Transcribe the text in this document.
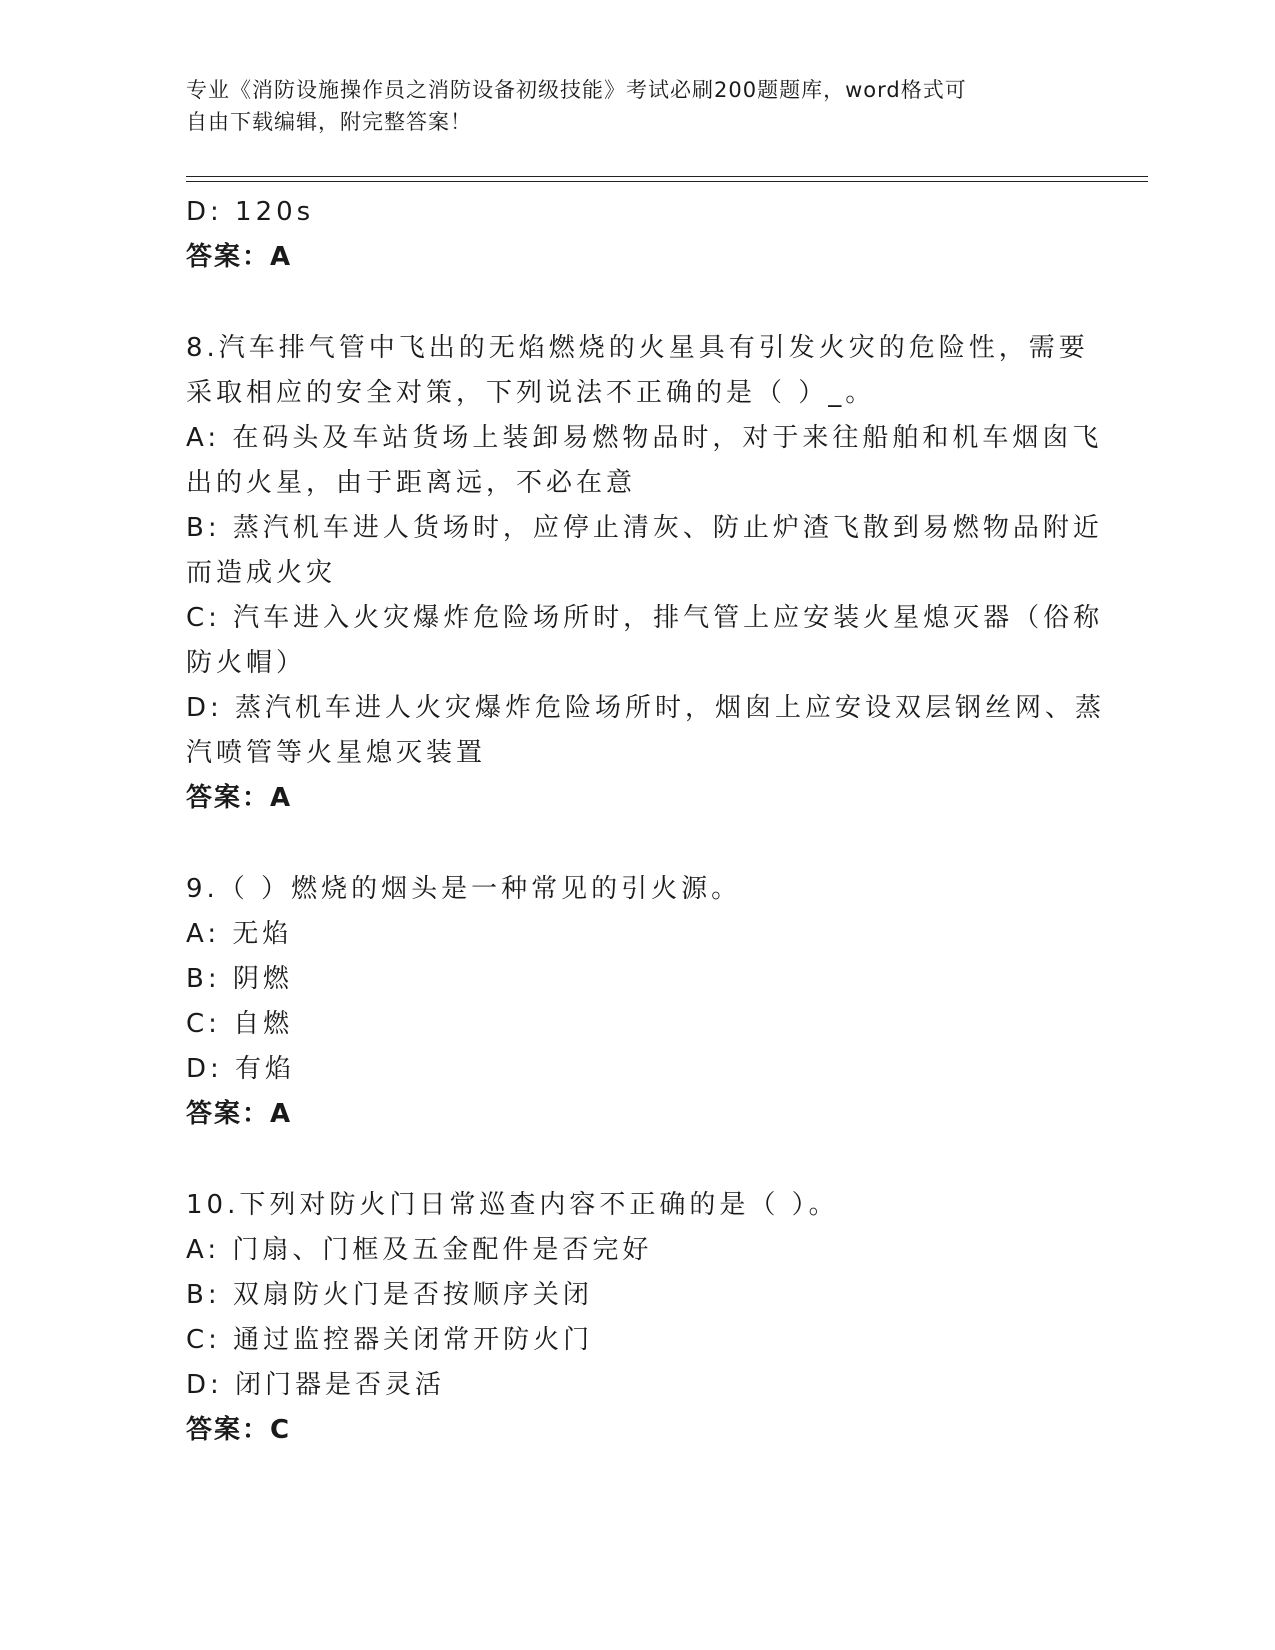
专业《消防设施操作员之消防设备初级技能》考试必刷200题题库，word格式可
自由下载编辑，附完整答案！
D: 120s
答案：A
8.汽车排气管中飞出的无焰燃烧的火星具有引发火灾的危险性，需要
采取相应的安全对策，下列说法不正确的是（ ）_。
A: 在码头及车站货场上装卸易燃物品时，对于来往船舶和机车烟囱飞
出的火星，由于距离远，不必在意
B: 蒸汽机车进人货场时，应停止清灰、防止炉渣飞散到易燃物品附近
而造成火灾
C: 汽车进入火灾爆炸危险场所时，排气管上应安装火星熄灭器（俗称
防火帽）
D: 蒸汽机车进人火灾爆炸危险场所时，烟囱上应安设双层钢丝网、蒸
汽喷管等火星熄灭装置
答案：A
9.（ ）燃烧的烟头是一种常见的引火源。
A: 无焰
B: 阴燃
C: 自燃
D: 有焰
答案：A
10.下列对防火门日常巡查内容不正确的是（ ）。
A: 门扇、门框及五金配件是否完好
B: 双扇防火门是否按顺序关闭
C: 通过监控器关闭常开防火门
D: 闭门器是否灵活
答案：C
